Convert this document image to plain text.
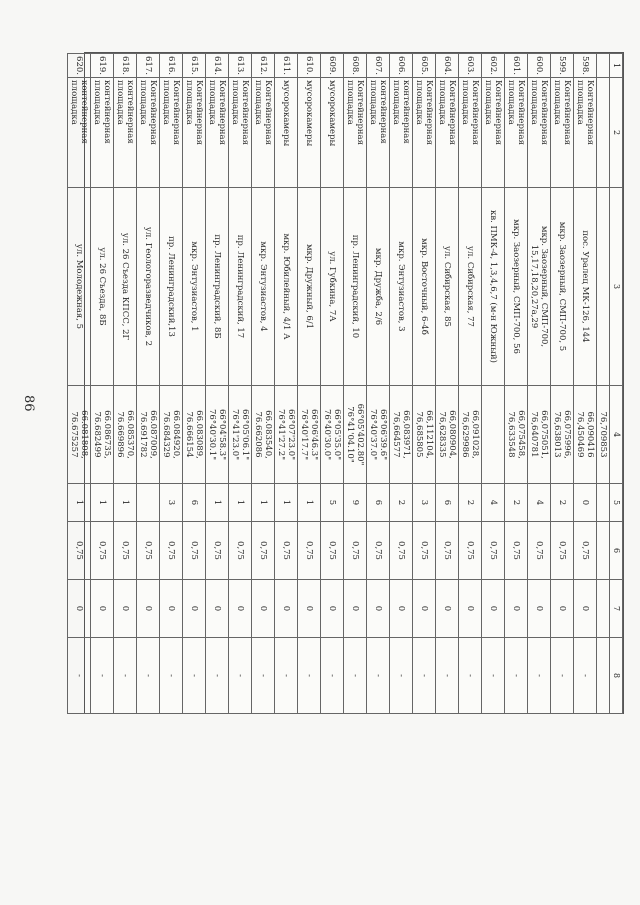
86
1	2	3	4	5	6	7	8
			76,709853				
598.	Контейнерная площадка	пос. Уралец МК-126, 144	66,090416
76,450469	0	0,75	0	-
599.	Контейнерная площадка	мкр. Заозерный, СМП-700, 5	66,075996,
76,638013	2	0,75	0	-
600.	Контейнерная площадка	мкр. Заозерный, СМП-700, 15,17,18,20,27а,29	66,075051,
76,640781	4	0,75	0	-
601.	Контейнерная площадка	мкр. Заозерный, СМП-700, 56	66,075458,
76,633548	2	0,75	0	-
602.	Контейнерная площадка	кв. ПМК-4, 1,3,4,6,7 (м-н Южный)		4	0,75	0	-
603.	Контейнерная площадка	ул. Сибирская, 77	66,091028,
76,629986	2	0,75	0	-
604.	Контейнерная площадка	ул. Сибирская, 85	66,080904,
76,628335	6	0,75	0	-
605.	Контейнерная площадка	мкр. Восточный, 6-4б	66,112104,
76,685805	3	0,75	0	-
606.	контейнерная площадка	мкр. Энтузиастов, 3	66,083971,
76,664577	2	0,75	0	-
607.	контейнерная площадка	мкр. Дружба, 2/6	66°06'39.6"
76°40'37.0"	6	0,75	0	-
608.	Контейнерная площадка	пр. Ленинградский, 10	66°05'402.80"
76°41'04.10"	9	0,75	0	-
609.	мусорокамеры	ул. Губкина, 7А	66°05'35.0"
76°40'30.0"	5	0,75	0	-
610.	мусорокамеры	мкр. Дружный, 6/1	66°06'46.3"
76°40'17.7"	1	0,75	0	-
611.	мусорокамеры	мкр. Юбилейный, 4/1 А	66°07'23.0"
76°41'27.2"	1	0,75	0	-
612.	Контейнерная площадка	мкр. Энтузиастов, 4	66.083540,
76.662086	1	0,75	0	-
613.	Контейнерная площадка	пр. Ленинградский, 17	66°05'06.1"
76°41'23.0"	1	0,75	0	-
614.	Контейнерная площадка	пр. Ленинградский, 8Б	66°04'58.3"
76°40'30.1"	1	0,75	0	-
615.	Контейнерная площадка	мкр. Энтузиастов, 1	66.083089,
76.666154	6	0,75	0	-
616.	Контейнерная площадка	пр. Ленинградский,13	66.084920,
76.684329	3	0,75	0	-
617.	Контейнерная площадка	ул. Геологоразведчиков, 2	66.087009,
76.691782		0,75	0	-
618.	контейнерная площадка	ул. 26 Съезда КПСС, 2Г	66.085370,
76.669896	1	0,75	0	-
619.	контейнерная площадка	ул. 26 Съезда, 8Б	66.086735,
76.682499	1	0,75	0	-
620.	контейнерная площадка	ул. Молодежная, 5	66.081808,
76.675257	1	0,75	0	-
